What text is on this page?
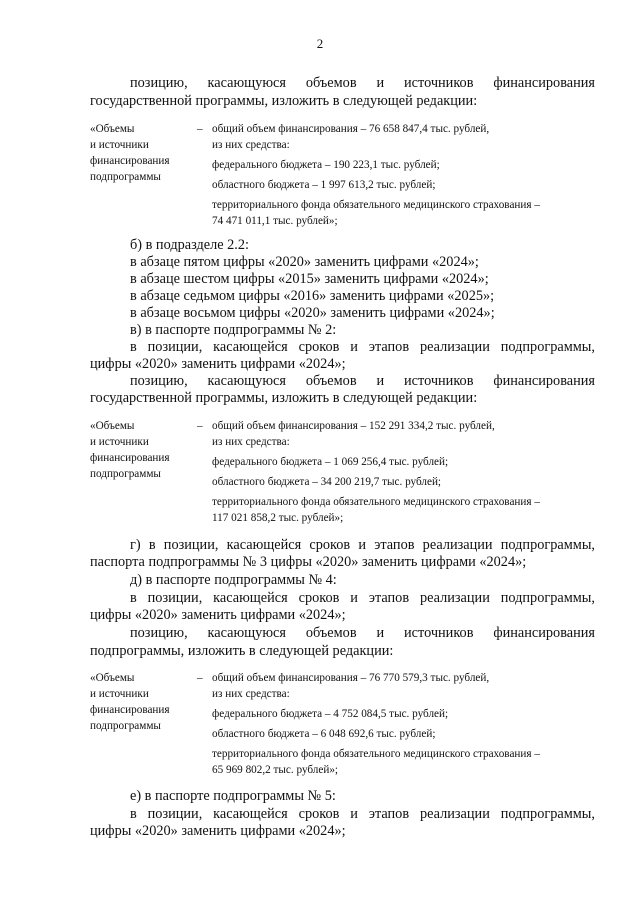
2

позицию, касающуюся объемов и источников финансирования

государственной программы, изложить в следующей редакции:

«Объемы
и источники
финансирования
подпрограммы
– общий объем финансирования – 76 658 847,4 тыс. рублей,
из них средства:
федерального бюджета – 190 223,1 тыс. рублей;
областного бюджета – 1 997 613,2 тыс. рублей;
территориального фонда обязательного медицинского страхования –
74 471 011,1 тыс. рублей»;

б) в подразделе 2.2:

в абзаце пятом цифры «2020» заменить цифрами «2024»;

в абзаце шестом цифры «2015» заменить цифрами «2024»;

в абзаце седьмом цифры «2016» заменить цифрами «2025»;

в абзаце восьмом цифры «2020» заменить цифрами «2024»;

в) в паспорте подпрограммы № 2:

в позиции, касающейся сроков и этапов реализации подпрограммы,

цифры «2020» заменить цифрами «2024»;

позицию, касающуюся объемов и источников финансирования

государственной программы, изложить в следующей редакции:

«Объемы
и источники
финансирования
подпрограммы
– общий объем финансирования – 152 291 334,2 тыс. рублей,
из них средства:
федерального бюджета – 1 069 256,4 тыс. рублей;
областного бюджета – 34 200 219,7 тыс. рублей;
территориального фонда обязательного медицинского страхования –
117 021 858,2 тыс. рублей»;

г) в позиции, касающейся сроков и этапов реализации подпрограммы,

паспорта подпрограммы № 3 цифры «2020» заменить цифрами «2024»;

д) в паспорте подпрограммы № 4:

в позиции, касающейся сроков и этапов реализации подпрограммы,

цифры «2020» заменить цифрами «2024»;

позицию, касающуюся объемов и источников финансирования

подпрограммы, изложить в следующей редакции:

«Объемы
и источники
финансирования
подпрограммы
– общий объем финансирования – 76 770 579,3 тыс. рублей,
из них средства:
федерального бюджета – 4 752 084,5 тыс. рублей;
областного бюджета – 6 048 692,6 тыс. рублей;
территориального фонда обязательного медицинского страхования –
65 969 802,2 тыс. рублей»;

е) в паспорте подпрограммы № 5:

в позиции, касающейся сроков и этапов реализации подпрограммы,

цифры «2020» заменить цифрами «2024»;
